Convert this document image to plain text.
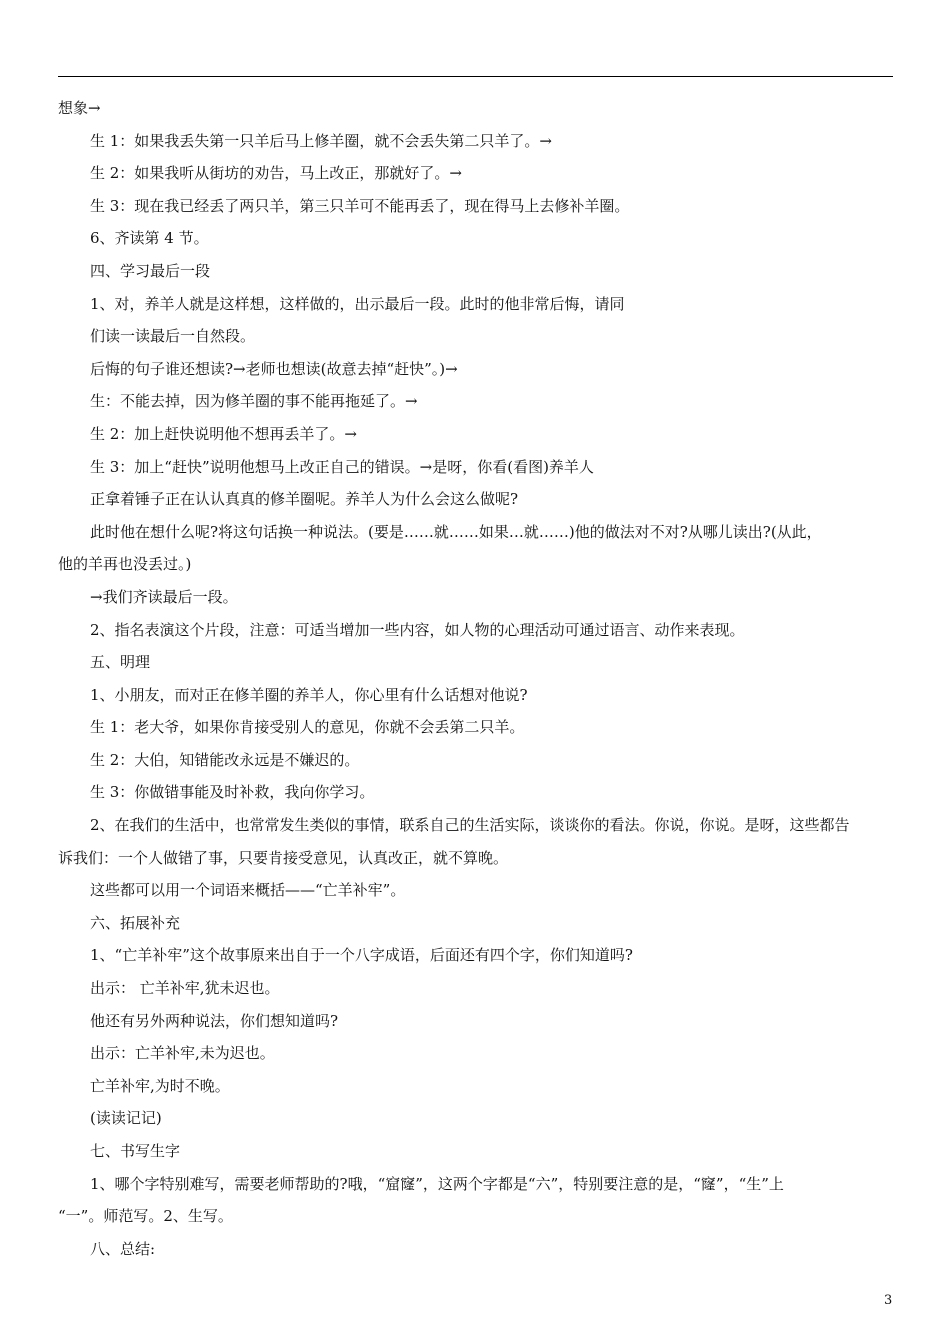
想象→

生 1：如果我丢失第一只羊后马上修羊圈，就不会丢失第二只羊了。→

生 2：如果我听从街坊的劝告，马上改正，那就好了。→

生 3：现在我已经丢了两只羊，第三只羊可不能再丢了，现在得马上去修补羊圈。

6、齐读第 4 节。

四、学习最后一段

1、对，养羊人就是这样想，这样做的，出示最后一段。此时的他非常后悔，请同

们读一读最后一自然段。

后悔的句子谁还想读?→老师也想读(故意去掉“赶快”。)→

生：不能去掉，因为修羊圈的事不能再拖延了。→

生 2：加上赶快说明他不想再丢羊了。→

生 3：加上“赶快”说明他想马上改正自己的错误。→是呀，你看(看图)养羊人

正拿着锤子正在认认真真的修羊圈呢。养羊人为什么会这么做呢?

此时他在想什么呢?将这句话换一种说法。(要是……就……如果…就……)他的做法对不对?从哪儿读出?(从此，

他的羊再也没丢过。)

→我们齐读最后一段。

2、指名表演这个片段，注意：可适当增加一些内容，如人物的心理活动可通过语言、动作来表现。

五、明理

1、小朋友，而对正在修羊圈的养羊人，你心里有什么话想对他说?

生 1：老大爷，如果你肯接受别人的意见，你就不会丢第二只羊。

生 2：大伯，知错能改永远是不嫌迟的。

生 3：你做错事能及时补救，我向你学习。

2、在我们的生活中，也常常发生类似的事情，联系自己的生活实际，谈谈你的看法。你说，你说。是呀，这些都告

诉我们：一个人做错了事，只要肯接受意见，认真改正，就不算晚。

这些都可以用一个词语来概括——“亡羊补牢”。

六、拓展补充

1、“亡羊补牢”这个故事原来出自于一个八字成语，后面还有四个字，你们知道吗?

出示： 亡羊补牢,犹未迟也。

他还有另外两种说法，你们想知道吗?

出示：亡羊补牢,未为迟也。

亡羊补牢,为时不晚。

(读读记记)

七、书写生字

1、哪个字特别难写，需要老师帮助的?哦，“窟窿”，这两个字都是“六”，特别要注意的是，“窿”，“生”上

“一”。师范写。2、生写。

八、总结:

3
